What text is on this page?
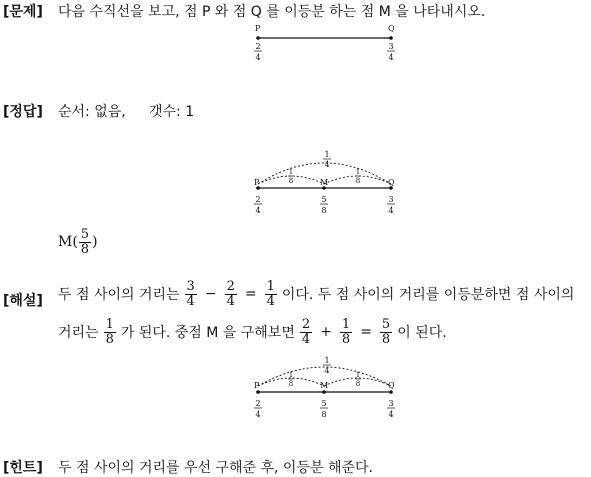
[문제] 다음 수직선을 보고, 점 P 와 점 Q 를 이등분 하는 점 M 을 나타내시오.
P	Q
2
4
3
4
[정답] 순서: 없음, 갯수: 1
1
4
1
8
1
8
P	M	Q
2
4
5
8
3
4
$M( \frac{5}{8}$ )
[해설] 두 점 사이의 거리는 $\frac{3}{4} - \frac{2}{4} = \frac{1}{4}$ 이다. 두 점 사이의 거리를 이등분하면 점 사이의
거리는 $\frac{1}{8}$ 가 된다. 중점 M 을 구해보면 $\frac{2}{4} + \frac{1}{8} = \frac{5}{8}$ 이 된다.
1
4
1
8
1
8
P	M	Q
2
4
5
8
3
4
[힌트] 두 점 사이의 거리를 우선 구해준 후, 이등분 해준다.
